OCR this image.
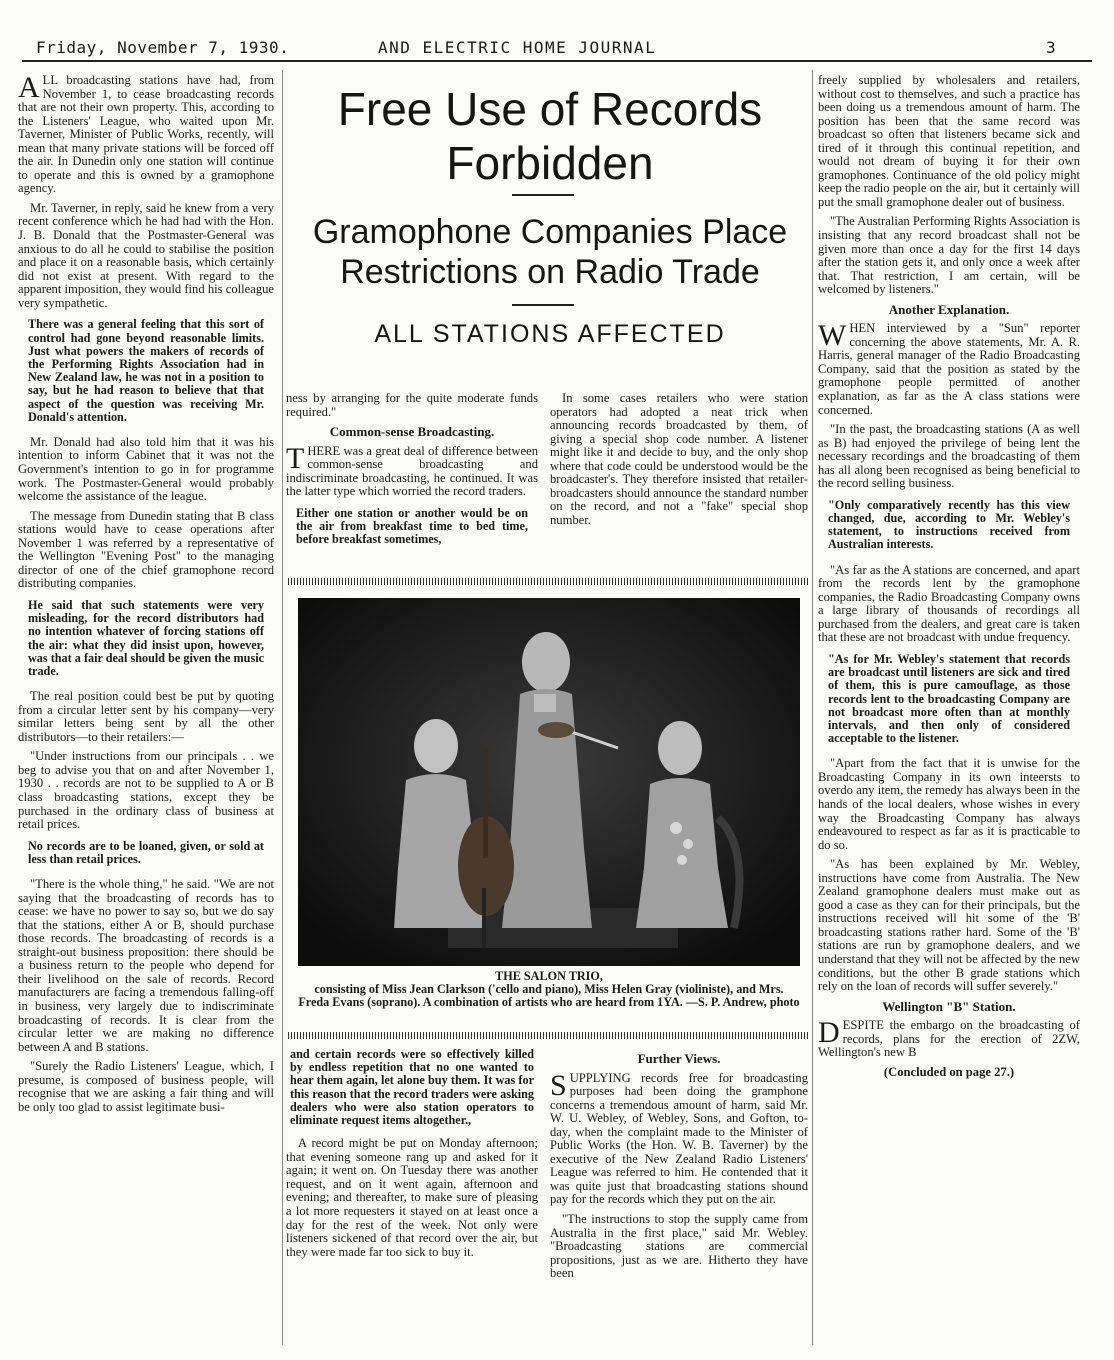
Friday, November 7, 1930.	AND ELECTRIC HOME JOURNAL	3
Free Use of Records
Forbidden
Gramophone Companies Place
Restrictions on Radio Trade
ALL STATIONS AFFECTED

ALL broadcasting stations have had, from November 1, to cease broadcasting records that are not their own property. This, according to the Listeners' League, who waited upon Mr. Taverner, Minister of Public Works, recently, will mean that many private stations will be forced off the air. In Dunedin only one station will continue to operate and this is owned by a gramophone agency.

Mr. Taverner, in reply, said he knew from a very recent conference which he had had with the Hon. J. B. Donald that the Postmaster-General was anxious to do all he could to stabilise the position and place it on a reasonable basis, which certainly did not exist at present. With regard to the apparent imposition, they would find his colleague very sympathetic.

There was a general feeling that this sort of control had gone beyond reasonable limits. Just what powers the makers of records of the Performing Rights Association had in New Zealand law, he was not in a position to say, but he had reason to believe that that aspect of the question was receiving Mr. Donald's attention.

Mr. Donald had also told him that it was his intention to inform Cabinet that it was not the Government's intention to go in for programme work. The Postmaster-General would probably welcome the assistance of the league.

The message from Dunedin stating that B class stations would have to cease operations after November 1 was referred by a representative of the Wellington "Evening Post" to the managing director of one of the chief gramophone record distributing companies.

He said that such statements were very misleading, for the record distributors had no intention whatever of forcing stations off the air: what they did insist upon, however, was that a fair deal should be given the music trade.

The real position could best be put by quoting from a circular letter sent by his company—very similar letters being sent by all the other distributors—to their retailers:—

"Under instructions from our principals . . we beg to advise you that on and after November 1, 1930 . . records are not to be supplied to A or B class broadcasting stations, except they be purchased in the ordinary class of business at retail prices.

No records are to be loaned, given, or sold at less than retail prices.

"There is the whole thing," he said. "We are not saying that the broadcasting of records has to cease: we have no power to say so, but we do say that the stations, either A or B, should purchase those records. The broadcasting of records is a straight-out business proposition: there should be a business return to the people who depend for their livelihood on the sale of records. Record manufacturers are facing a tremendous falling-off in business, very largely due to indiscriminate broadcasting of records. It is clear from the circular letter we are making no difference between A and B stations.

"Surely the Radio Listeners' League, which, I presume, is composed of business people, will recognise that we are asking a fair thing and will be only too glad to assist legitimate busi-

ness by arranging for the quite moderate funds required."

Common-sense Broadcasting.

THERE was a great deal of difference between common-sense broadcasting and indiscriminate broadcasting, he continued. It was the latter type which worried the record traders.

Either one station or another would be on the air from breakfast time to bed time, before breakfast sometimes,

In some cases retailers who were station operators had adopted a neat trick when announcing records broadcasted by them, of giving a special shop code number. A listener might like it and decide to buy, and the only shop where that code could be understood would be the broadcaster's. They therefore insisted that retailer-broadcasters should announce the standard number on the record, and not a "fake" special shop number.

THE SALON TRIO,
consisting of Miss Jean Clarkson ('cello and piano), Miss Helen Gray (violiniste), and Mrs. Freda Evans (soprano). A combination of artists who are heard from 1YA. —S. P. Andrew, photo

and certain records were so effectively killed by endless repetition that no one wanted to hear them again, let alone buy them. It was for this reason that the record traders were asking dealers who were also station operators to eliminate request items altogether.,

A record might be put on Monday afternoon; that evening someone rang up and asked for it again; it went on. On Tuesday there was another request, and on it went again, afternoon and evening; and thereafter, to make sure of pleasing a lot more requesters it stayed on at least once a day for the rest of the week. Not only were listeners sickened of that record over the air, but they were made far too sick to buy it.

Further Views.

SUPPLYING records free for broadcasting purposes had been doing the gramphone concerns a tremendous amount of harm, said Mr. W. U. Webley, of Webley, Sons, and Gofton, to-day, when the complaint made to the Minister of Public Works (the Hon. W. B. Taverner) by the executive of the New Zealand Radio Listeners' League was referred to him. He contended that it was quite just that broadcasting stations shound pay for the records which they put on the air.

"The instructions to stop the supply came from Australia in the first place," said Mr. Webley. "Broadcasting stations are commercial propositions, just as we are. Hitherto they have been

freely supplied by wholesalers and retailers, without cost to themselves, and such a practice has been doing us a tremendous amount of harm. The position has been that the same record was broadcast so often that listeners became sick and tired of it through this continual repetition, and would not dream of buying it for their own gramophones. Continuance of the old policy might keep the radio people on the air, but it certainly will put the small gramophone dealer out of business.

"The Australian Performing Rights Association is insisting that any record broadcast shall not be given more than once a day for the first 14 days after the station gets it, and only once a week after that. That restriction, I am certain, will be welcomed by listeners."

Another Explanation.

WHEN interviewed by a "Sun" reporter concerning the above statements, Mr. A. R. Harris, general manager of the Radio Broadcasting Company, said that the position as stated by the gramophone people permitted of another explanation, as far as the A class stations were concerned.

"In the past, the broadcasting stations (A as well as B) had enjoyed the privilege of being lent the necessary recordings and the broadcasting of them has all along been recognised as being beneficial to the record selling business.

"Only comparatively recently has this view changed, due, according to Mr. Webley's statement, to instructions received from Australian interests.

"As far as the A stations are concerned, and apart from the records lent by the gramophone companies, the Radio Broadcasting Company owns a large library of thousands of recordings all purchased from the dealers, and great care is taken that these are not broadcast with undue frequency.

"As for Mr. Webley's statement that records are broadcast until listeners are sick and tired of them, this is pure camouflage, as those records lent to the broadcasting Company are not broadcast more often than at monthly intervals, and then only of considered acceptable to the listener.

"Apart from the fact that it is unwise for the Broadcasting Company in its own inteersts to overdo any item, the remedy has always been in the hands of the local dealers, whose wishes in every way the Broadcasting Company has always endeavoured to respect as far as it is practicable to do so.

"As has been explained by Mr. Webley, instructions have come from Australia. The New Zealand gramophone dealers must make out as good a case as they can for their principals, but the instructions received will hit some of the 'B' broadcasting stations rather hard. Some of the 'B' stations are run by gramophone dealers, and we understand that they will not be affected by the new conditions, but the other B grade stations which rely on the loan of records will suffer severely."

Wellington "B" Station.

DESPITE the embargo on the broadcasting of records, plans for the erection of 2ZW, Wellington's new B

(Concluded on page 27.)
